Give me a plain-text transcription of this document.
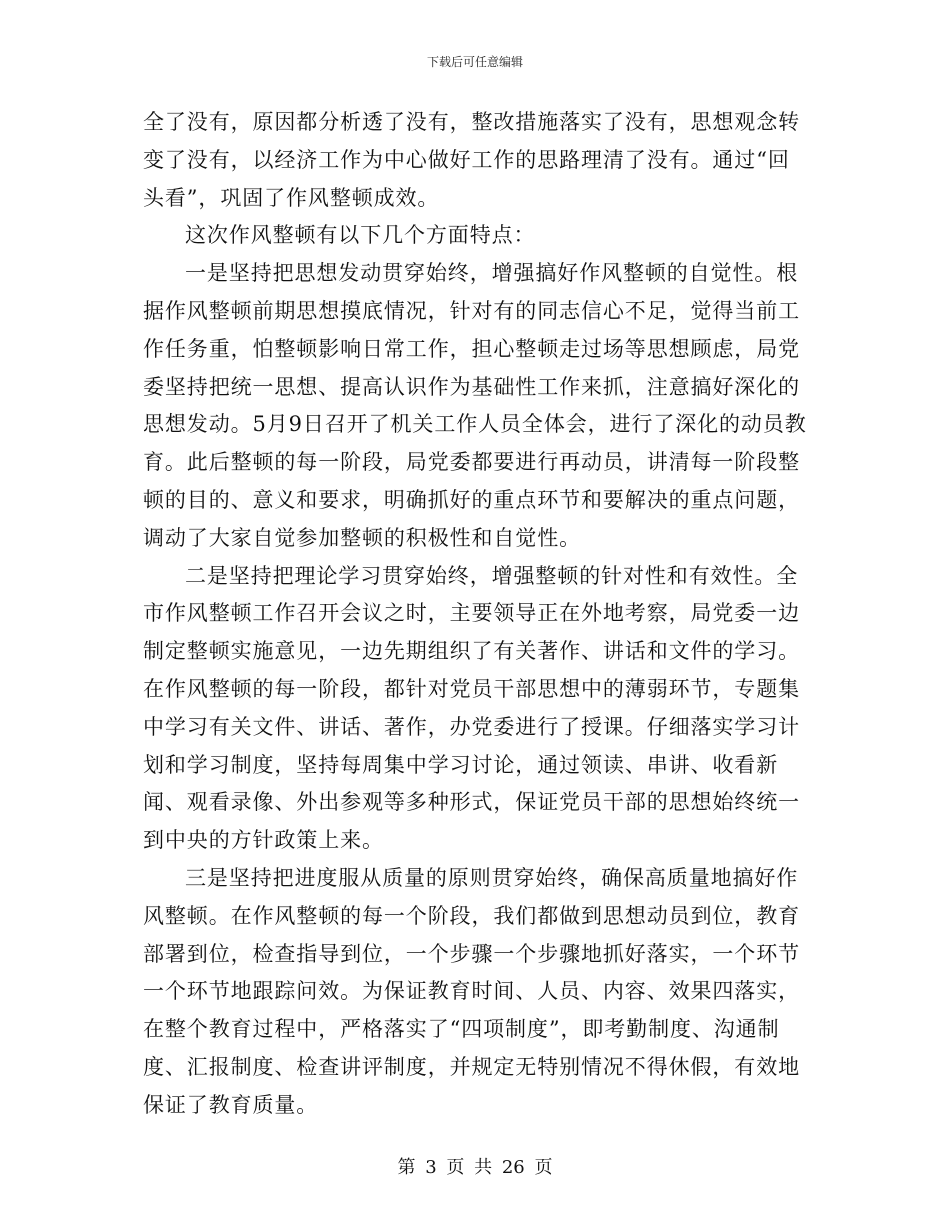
下载后可任意编辑

全了没有，原因都分析透了没有，整改措施落实了没有，思想观念转变了没有，以经济工作为中心做好工作的思路理清了没有。通过“回头看”，巩固了作风整顿成效。

这次作风整顿有以下几个方面特点：

一是坚持把思想发动贯穿始终，增强搞好作风整顿的自觉性。根据作风整顿前期思想摸底情况，针对有的同志信心不足，觉得当前工作任务重，怕整顿影响日常工作，担心整顿走过场等思想顾虑，局党委坚持把统一思想、提高认识作为基础性工作来抓，注意搞好深化的思想发动。5月9日召开了机关工作人员全体会，进行了深化的动员教育。此后整顿的每一阶段，局党委都要进行再动员，讲清每一阶段整顿的目的、意义和要求，明确抓好的重点环节和要解决的重点问题，调动了大家自觉参加整顿的积极性和自觉性。

二是坚持把理论学习贯穿始终，增强整顿的针对性和有效性。全市作风整顿工作召开会议之时，主要领导正在外地考察，局党委一边制定整顿实施意见，一边先期组织了有关著作、讲话和文件的学习。在作风整顿的每一阶段，都针对党员干部思想中的薄弱环节，专题集中学习有关文件、讲话、著作，办党委进行了授课。仔细落实学习计划和学习制度，坚持每周集中学习讨论，通过领读、串讲、收看新闻、观看录像、外出参观等多种形式，保证党员干部的思想始终统一到中央的方针政策上来。

三是坚持把进度服从质量的原则贯穿始终，确保高质量地搞好作风整顿。在作风整顿的每一个阶段，我们都做到思想动员到位，教育部署到位，检查指导到位，一个步骤一个步骤地抓好落实，一个环节一个环节地跟踪问效。为保证教育时间、人员、内容、效果四落实，在整个教育过程中，严格落实了“四项制度”，即考勤制度、沟通制度、汇报制度、检查讲评制度，并规定无特别情况不得休假，有效地保证了教育质量。

第 3 页 共 26 页
